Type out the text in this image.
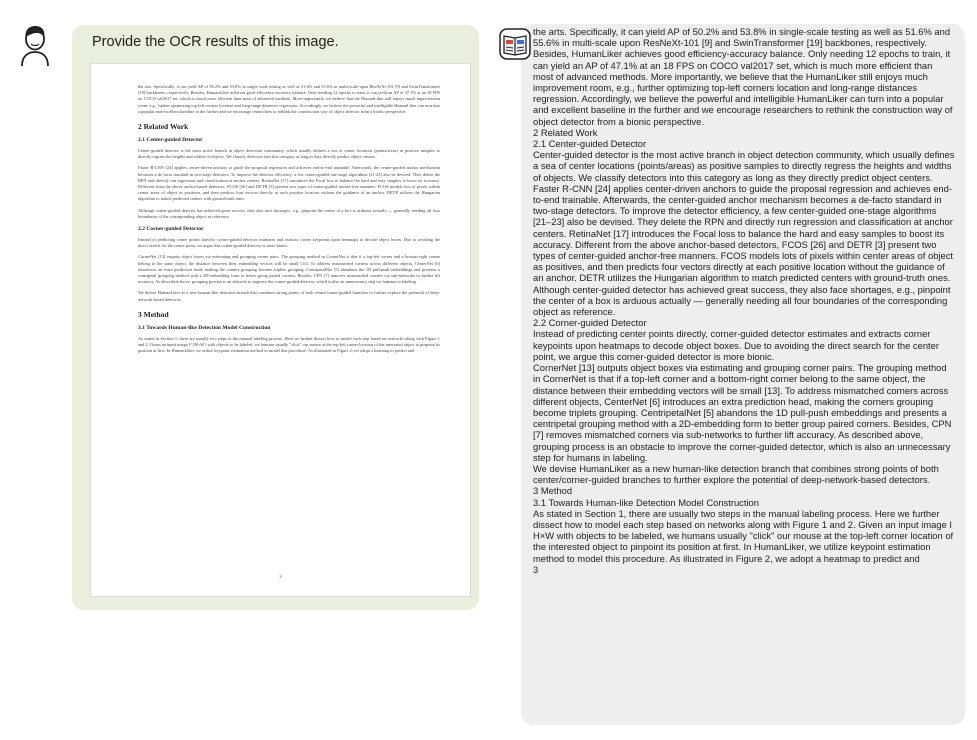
Provide the OCR results of this image.

the arts. Specifically, it can yield AP of 50.2% and 53.8% in single-scale testing as well as 51.6% and 55.6% in multi-scale upon ResNeXt-101 [9] and SwinTransformer [19] backbones, respectively. Besides, HumanLiker achieves good efficiency-accuracy balance. Only needing 12 epochs to train, it can yield an AP of 47.1% at an 18 FPS on COCO val2017 set, which is much more efficient than most of advanced methods. More importantly, we believe that the HumanLiker still enjoys much improvement room, e.g., further optimizing top-left corners location and long-range distances regression. Accordingly, we believe the powerful and intelligible HumanLiker can turn into a popular and excellent baseline in the further and we encourage researchers to rethink the construction way of object detector from a bionic perspective.

2 Related Work
2.1 Center-guided Detector

Center-guided detector is the most active branch in object detection community, which usually defines a sea of center locations (points/areas) as positive samples to directly regress the heights and widths of objects. We classify detectors into this category as long as they directly predict object centers.

Faster R-CNN [24] applies center-driven anchors to guide the proposal regression and achieves end-to-end trainable. Afterwards, the center-guided anchor mechanism becomes a de-facto standard in two-stage detectors. To improve the detector efficiency, a few center-guided one-stage algorithms [21-23] also be devised. They delete the RPN and directly run regression and classification at anchor centers. RetinaNet [17] introduces the Focal loss to balance the hard and easy samples to boost its accuracy. Different from the above anchor-based detectors, FCOS [26] and DETR [3] present two types of center-guided anchor-free manners. FCOS models lots of pixels within center areas of object as positives, and then predicts four vectors directly at each positive location without the guidance of an anchor. DETR utilizes the Hungarian algorithm to match predicted centers with ground-truth ones.

Although center-guided detector has achieved great success, they also face shortages, e.g., pinpoint the center of a box is arduous actually — generally needing all four boundaries of the corresponding object as reference.

2.2 Corner-guided Detector

Instead of predicting center points directly, corner-guided detector estimates and extracts corner keypoints upon heatmaps to decode object boxes. Due to avoiding the direct search for the center point, we argue this corner-guided detector is more bionic.

CornerNet [13] outputs object boxes via estimating and grouping corner pairs. The grouping method in CornerNet is that if a top-left corner and a bottom-right corner belong to the same object, the distance between their embedding vectors will be small [13]. To address mismatched corners across different objects, CenterNet [6] introduces an extra prediction head, making the corners grouping become triplets grouping. CentripetalNet [5] abandons the 1D pull-push embeddings and presents a centripetal grouping method with a 2D-embedding form to better group paired corners. Besides, CPN [7] removes mismatched corners via sub-networks to further lift accuracy. As described above, grouping process is an obstacle to improve the corner-guided detector, which is also an unnecessary step for humans in labeling.

We devise HumanLiker as a new human-like detection branch that combines strong points of both center/corner-guided branches to further explore the potential of deep-network-based detectors.

3 Method
3.1 Towards Human-like Detection Model Construction

As stated in Section 1, there are usually two steps in the manual labeling process. Here we further dissect how to model each step based on networks along with Figure 1 and 2. Given an input image I^{H×W} with objects to be labeled, we humans usually "click" our mouse at the top-left corner location of the interested object to pinpoint its position at first. In HumanLiker, we utilize keypoint estimation method to model this procedure. As illustrated in Figure 2, we adopt a heatmap to predict and

3
the arts. Specifically, it can yield AP of 50.2% and 53.8% in single-scale testing as well as 51.6% and 55.6% in multi-scale upon ResNeXt-101 [9] and SwinTransformer [19] backbones, respectively. Besides, HumanLiker achieves good efficiency-accuracy balance. Only needing 12 epochs to train, it can yield an AP of 47.1% at an 18 FPS on COCO val2017 set, which is much more efficient than most of advanced methods. More importantly, we believe that the HumanLiker still enjoys much improvement room, e.g., further optimizing top-left corners location and long-range distances regression. Accordingly, we believe the powerful and intelligible HumanLiker can turn into a popular and excellent baseline in the further and we encourage researchers to rethink the construction way of object detector from a bionic perspective.
2 Related Work
2.1 Center-guided Detector
Center-guided detector is the most active branch in object detection community, which usually defines a sea of center locations (points/areas) as positive samples to directly regress the heights and widths of objects. We classify detectors into this category as long as they directly predict object centers.
Faster R-CNN [24] applies center-driven anchors to guide the proposal regression and achieves end-to-end trainable. Afterwards, the center-guided anchor mechanism becomes a de-facto standard in two-stage detectors. To improve the detector efficiency, a few center-guided one-stage algorithms [21–23] also be devised. They delete the RPN and directly run regression and classification at anchor centers. RetinaNet [17] introduces the Focal loss to balance the hard and easy samples to boost its accuracy. Different from the above anchor-based detectors, FCOS [26] and DETR [3] present two types of center-guided anchor-free manners. FCOS models lots of pixels within center areas of object as positives, and then predicts four vectors directly at each positive location without the guidance of an anchor. DETR utilizes the Hungarian algorithm to match predicted centers with ground-truth ones.
Although center-guided detector has achieved great success, they also face shortages, e.g., pinpoint the center of a box is arduous actually — generally needing all four boundaries of the corresponding object as reference.
2.2 Corner-guided Detector
Instead of predicting center points directly, corner-guided detector estimates and extracts corner keypoints upon heatmaps to decode object boxes. Due to avoiding the direct search for the center point, we argue this corner-guided detector is more bionic.
CornerNet [13] outputs object boxes via estimating and grouping corner pairs. The grouping method in CornerNet is that if a top-left corner and a bottom-right corner belong to the same object, the distance between their embedding vectors will be small [13]. To address mismatched corners across different objects, CenterNet [6] introduces an extra prediction head, making the corners grouping become triplets grouping. CentripetalNet [5] abandons the 1D pull-push embeddings and presents a centripetal grouping method with a 2D-embedding form to better group paired corners. Besides, CPN [7] removes mismatched corners via sub-networks to further lift accuracy. As described above, grouping process is an obstacle to improve the corner-guided detector, which is also an unnecessary step for humans in labeling.
We devise HumanLiker as a new human-like detection branch that combines strong points of both center/corner-guided branches to further explore the potential of deep-network-based detectors.
3 Method
3.1 Towards Human-like Detection Model Construction
As stated in Section 1, there are usually two steps in the manual labeling process. Here we further dissect how to model each step based on networks along with Figure 1 and 2. Given an input image I H×W with objects to be labeled, we humans usually "click" our mouse at the top-left corner location of the interested object to pinpoint its position at first. In HumanLiker, we utilize keypoint estimation method to model this procedure. As illustrated in Figure 2, we adopt a heatmap to predict and
3
